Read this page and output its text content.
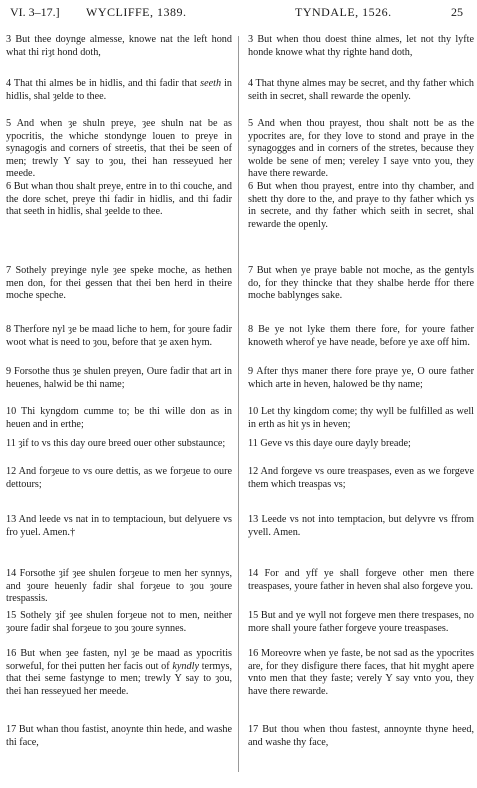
VI. 3–17.] WYCLIFFE, 1389.	TYNDALE, 1526.	25

3 But thee doynge almesse, knowe nat the left hond what thi riȝt hond doth,

4 That thi almes be in hidlis, and thi fadir that seeth in hidlis, shal ȝelde to thee.

5 And when ȝe shuln preye, ȝee shuln nat be as ypocritis, the whiche stondynge louen to preye in synagogis and corners of streetis, that thei be seen of men; trewly Y say to ȝou, thei han resseyued her meede.

6 But whan thou shalt preye, entre in to thi couche, and the dore schet, preye thi fadir in hidlis, and thi fadir that seeth in hidlis, shal ȝeelde to thee.

7 Sothely preyinge nyle ȝee speke moche, as hethen men don, for thei gessen that thei ben herd in theire moche speche.

8 Therfore nyl ȝe be maad liche to hem, for ȝoure fadir woot what is need to ȝou, before that ȝe axen hym.

9 Forsothe thus ȝe shulen preyen, Oure fadir that art in heuenes, halwid be thi name;

10 Thi kyngdom cumme to; be thi wille don as in heuen and in erthe;

11 ȝif to vs this day oure breed ouer other substaunce;

12 And forȝeue to vs oure dettis, as we forȝeue to oure dettours;

13 And leede vs nat in to temptacioun, but delyuere vs fro yuel. Amen.†

14 Forsothe ȝif ȝee shulen forȝeue to men her synnys, and ȝoure heuenly fadir shal forȝeue to ȝou ȝoure trespassis.

15 Sothely ȝif ȝee shulen forȝeue not to men, neither ȝoure fadir shal forȝeue to ȝou ȝoure synnes.

16 But when ȝee fasten, nyl ȝe be maad as ypocritis sorweful, for thei putten her facis out of kyndly termys, that thei seme fastynge to men; trewly Y say to ȝou, thei han resseyued her meede.

17 But whan thou fastist, anoynte thin hede, and washe thi face,

3 But when thou doest thine almes, let not thy lyfte honde knowe what thy righte hand doth,

4 That thyne almes may be secret, and thy father which seith in secret, shall rewarde the openly.

5 And when thou prayest, thou shalt nott be as the ypocrites are, for they love to stond and praye in the synagogges and in corners of the stretes, because they wolde be sene of men; vereley I saye vnto you, they have there rewarde.

6 But when thou prayest, entre into thy chamber, and shett thy dore to the, and praye to thy father which ys in secrete, and thy father which seith in secret, shal rewarde the openly.

7 But when ye praye bable not moche, as the gentyls do, for they thincke that they shalbe herde ffor there moche bablynges sake.

8 Be ye not lyke them there fore, for youre father knoweth wherof ye have neade, before ye axe off him.

9 After thys maner there fore praye ye, O oure father which arte in heven, halowed be thy name;

10 Let thy kingdom come; thy wyll be fulfilled as well in erth as hit ys in heven;

11 Geve vs this daye oure dayly breade;

12 And forgeve vs oure treaspases, even as we forgeve them which treaspas vs;

13 Leede vs not into temptacion, but delyvre vs ffrom yvell. Amen.

14 For and yff ye shall forgeve other men there treaspases, youre father in heven shal also forgeve you.

15 But and ye wyll not forgeve men there trespases, no more shall youre father forgeve youre treaspases.

16 Moreovre when ye faste, be not sad as the ypocrites are, for they disfigure there faces, that hit myght apere vnto men that they faste; verely Y say vnto you, they have there rewarde.

17 But thou when thou fastest, annoynte thyne heed, and washe thy face,
